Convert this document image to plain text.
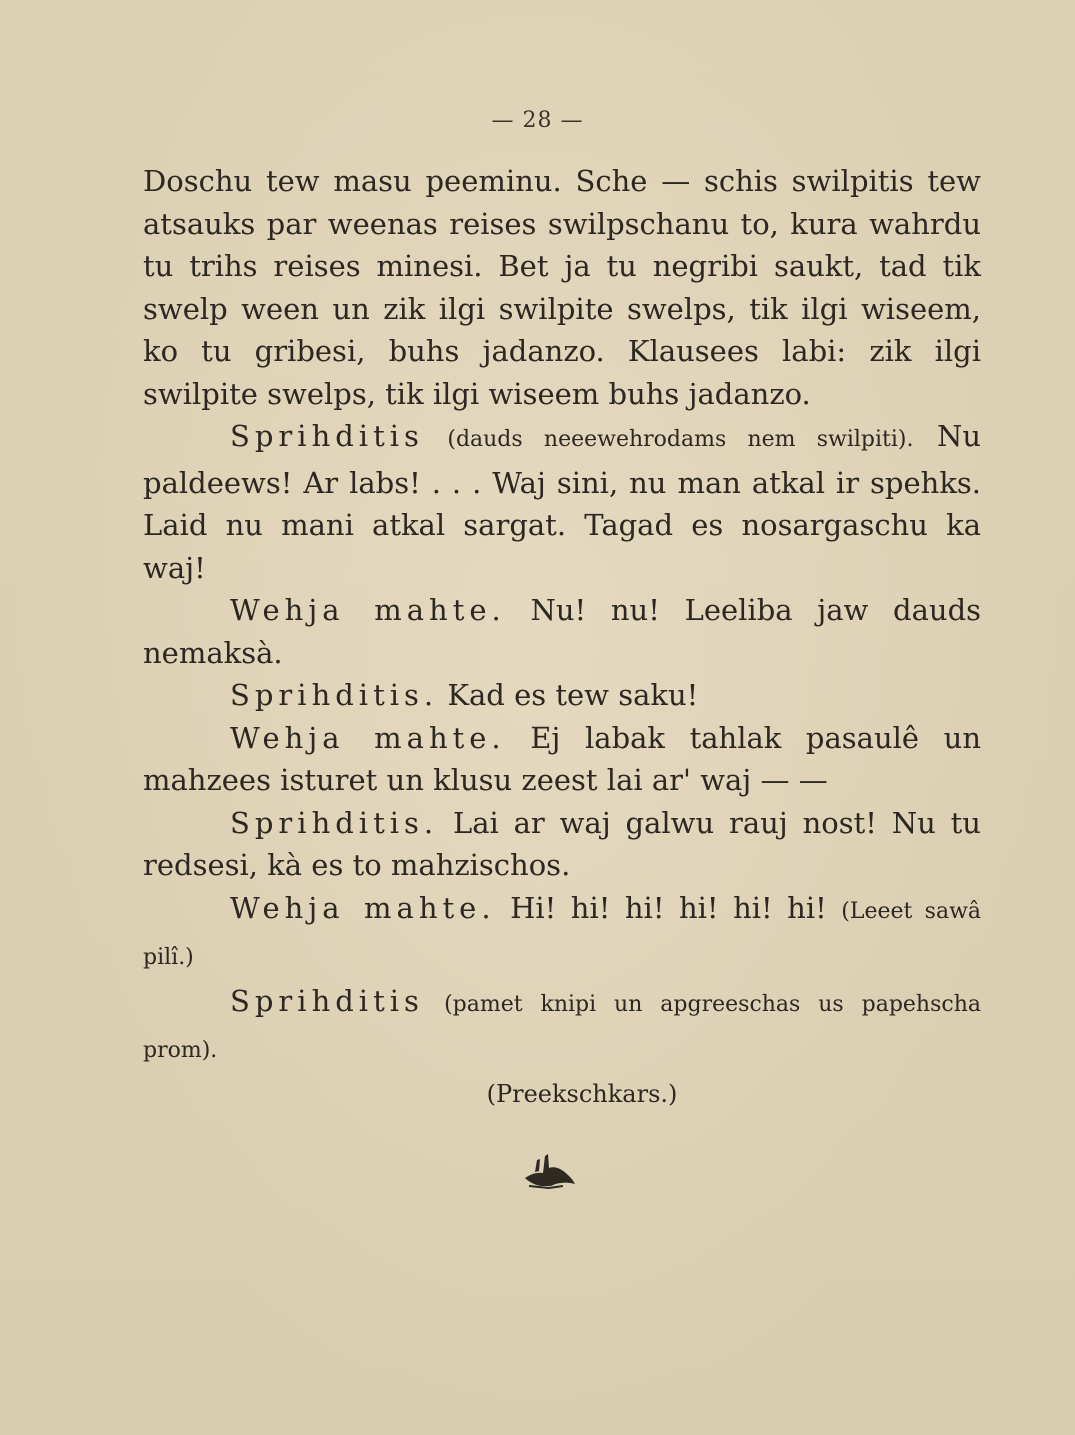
— 28 —

Doschu tew masu peeminu. Sche — schis swilpitis tew atsauks par weenas reises swilpschanu to, kura wahrdu tu trihs reises minesi. Bet ja tu negribi saukt, tad tik swelp ween un zik ilgi swilpite swelps, tik ilgi wiseem, ko tu gribesi, buhs jadanzo. Klausees labi: zik ilgi swilpite swelps, tik ilgi wiseem buhs jadanzo.

Sprihditis (dauds neeewehrodams nem swilpiti). Nu paldeews! Ar labs! . . . Waj sini, nu man atkal ir spehks. Laid nu mani atkal sargat. Tagad es nosargaschu ka waj!

Wehja mahte. Nu! nu! Leeliba jaw dauds nemaksà.

Sprihditis. Kad es tew saku!

Wehja mahte. Ej labak tahlak pasaulê un mahzees isturet un klusu zeest lai ar' waj — —

Sprihditis. Lai ar waj galwu rauj nost! Nu tu redsesi, kà es to mahzischos.

Wehja mahte. Hi! hi! hi! hi! hi! hi! (Leeet sawâ pilî.)

Sprihditis (pamet knipi un apgreeschas us papehscha prom).

(Preekschkars.)
